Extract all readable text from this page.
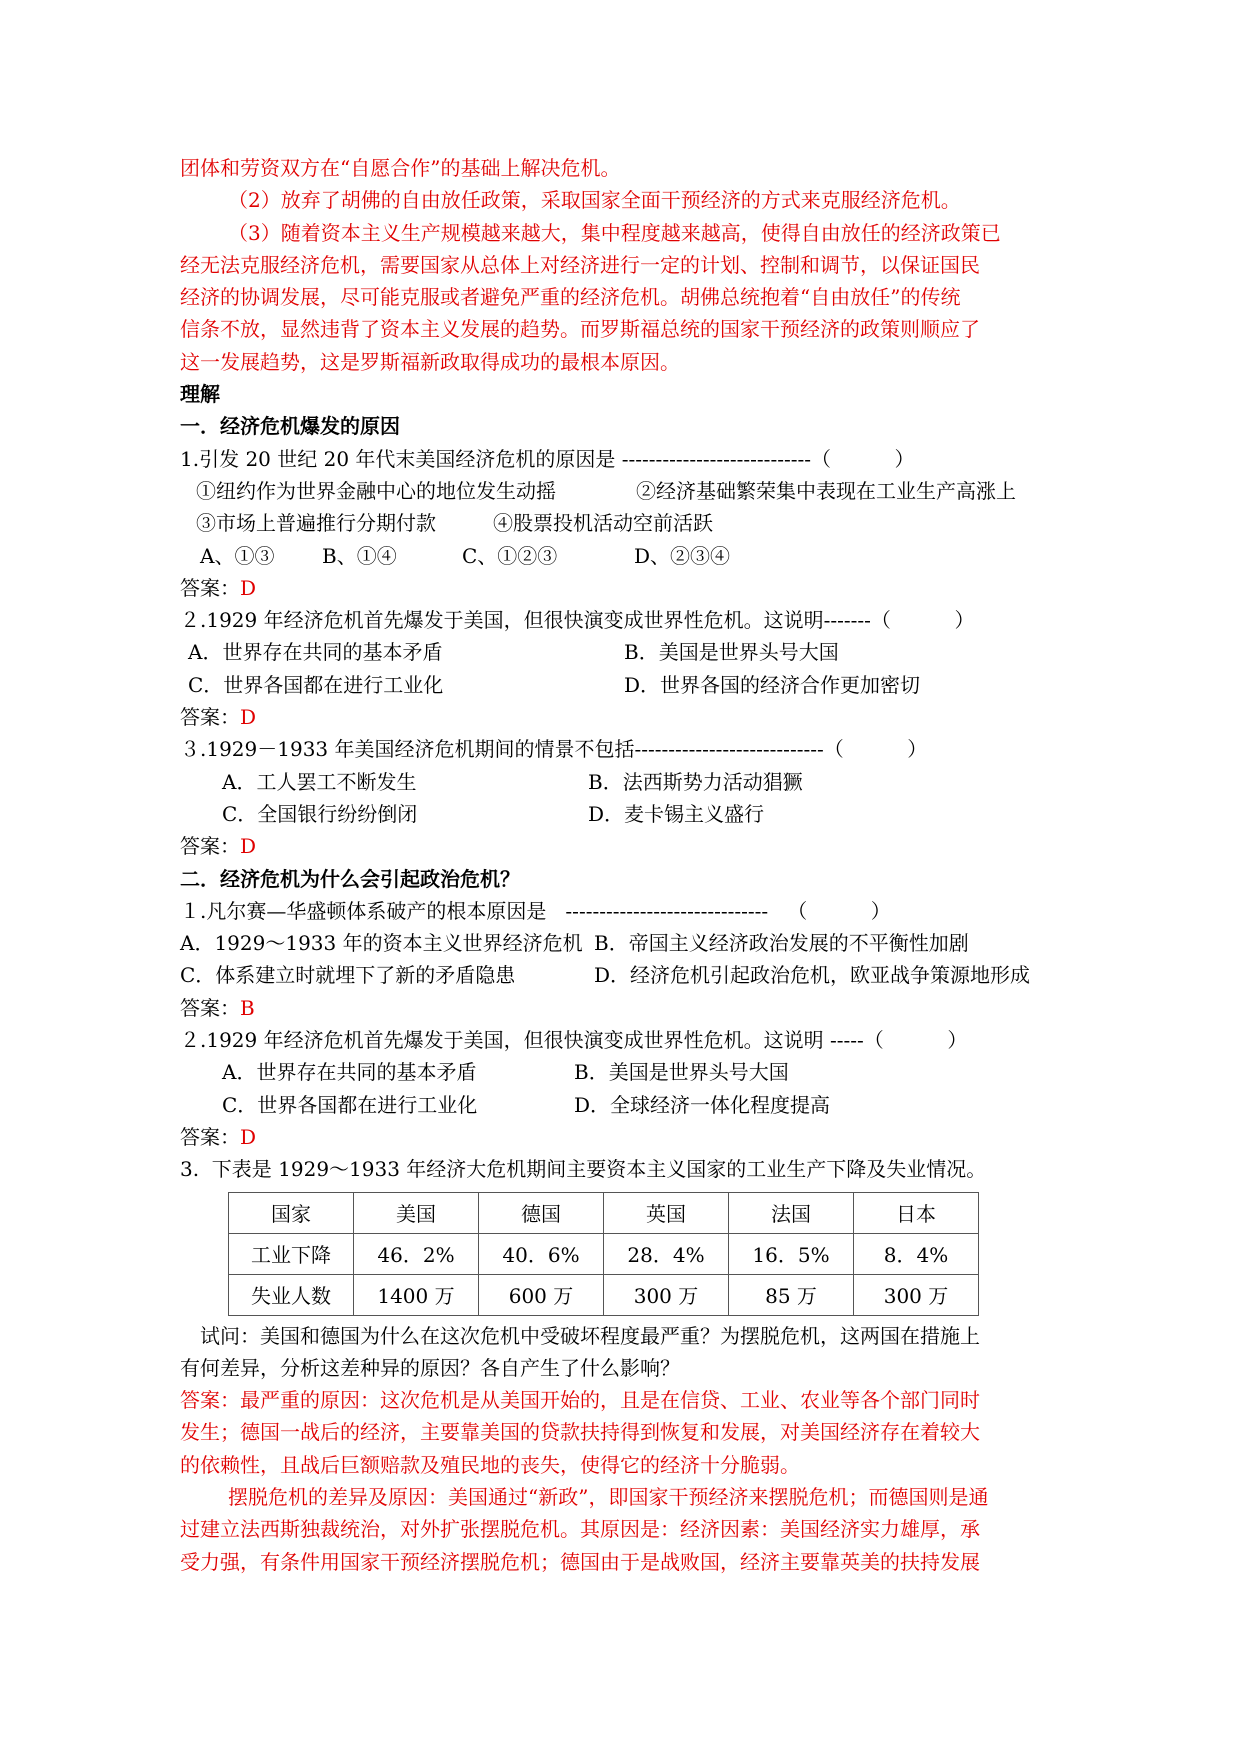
团体和劳资双方在“自愿合作”的基础上解决危机。
（2）放弃了胡佛的自由放任政策，采取国家全面干预经济的方式来克服经济危机。
（3）随着资本主义生产规模越来越大，集中程度越来越高，使得自由放任的经济政策已
经无法克服经济危机，需要国家从总体上对经济进行一定的计划、控制和调节，以保证国民
经济的协调发展，尽可能克服或者避免严重的经济危机。胡佛总统抱着“自由放任”的传统
信条不放，显然违背了资本主义发展的趋势。而罗斯福总统的国家干预经济的政策则顺应了
这一发展趋势，这是罗斯福新政取得成功的最根本原因。
理解
一．经济危机爆发的原因
1.引发 20 世纪 20 年代末美国经济危机的原因是 ----------------------------（          ）
①纽约作为世界金融中心的地位发生动摇	②经济基础繁荣集中表现在工业生产高涨上
③市场上普遍推行分期付款	④股票投机活动空前活跃
A、①③	B、①④	C、①②③	D、②③④
答案：D
２.1929 年经济危机首先爆发于美国，但很快演变成世界性危机。这说明-------（          ）
A．世界存在共同的基本矛盾	B．美国是世界头号大国
C．世界各国都在进行工业化	D．世界各国的经济合作更加密切
答案：D
３.1929－1933 年美国经济危机期间的情景不包括----------------------------（          ）
A．工人罢工不断发生	B．法西斯势力活动猖獗
C．全国银行纷纷倒闭	D．麦卡锡主义盛行
答案：D
二．经济危机为什么会引起政治危机？
１.凡尔赛—华盛顿体系破产的根本原因是   ------------------------------   （          ）
A．1929～1933 年的资本主义世界经济危机 B．帝国主义经济政治发展的不平衡性加剧
C．体系建立时就埋下了新的矛盾隐患	D．经济危机引起政治危机，欧亚战争策源地形成
答案：B
２.1929 年经济危机首先爆发于美国，但很快演变成世界性危机。这说明 -----（          ）
A．世界存在共同的基本矛盾	B．美国是世界头号大国
C．世界各国都在进行工业化	D．全球经济一体化程度提高
答案：D
3.  下表是 1929～1933 年经济大危机期间主要资本主义国家的工业生产下降及失业情况。
国家	美国	德国	英国	法国	日本
工业下降	46．2%	40．6%	28．4%	16．5%	8．4%
失业人数	1400 万	600 万	300 万	85 万	300 万
试问：美国和德国为什么在这次危机中受破坏程度最严重？为摆脱危机，这两国在措施上
有何差异，分析这差种异的原因？各自产生了什么影响？
答案：最严重的原因：这次危机是从美国开始的，且是在信贷、工业、农业等各个部门同时
发生；德国一战后的经济，主要靠美国的贷款扶持得到恢复和发展，对美国经济存在着较大
的依赖性，且战后巨额赔款及殖民地的丧失，使得它的经济十分脆弱。
摆脱危机的差异及原因：美国通过“新政”，即国家干预经济来摆脱危机；而德国则是通
过建立法西斯独裁统治，对外扩张摆脱危机。其原因是：经济因素：美国经济实力雄厚，承
受力强，有条件用国家干预经济摆脱危机；德国由于是战败国，经济主要靠英美的扶持发展
